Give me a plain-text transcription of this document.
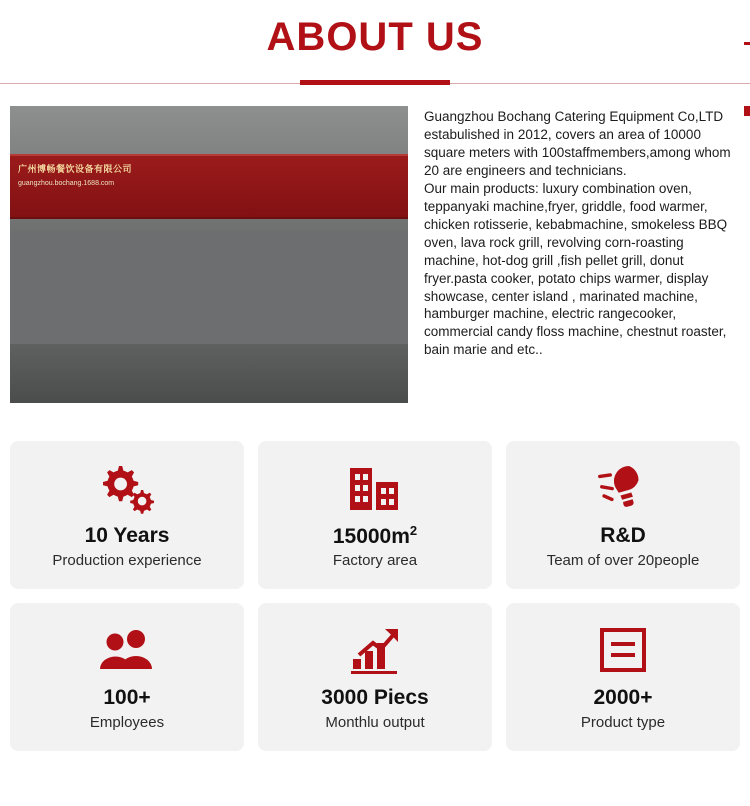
ABOUT US
广州博畅餐饮设备有限公司
guangzhou.bochang.1688.com

Guangzhou Bochang Catering Equipment Co,LTD estabulished in 2012, covers an area of 10000 square meters with 100staffmembers,among whom 20 are engineers and technicians.

Our main products: luxury combination oven, teppanyaki machine,fryer, griddle, food warmer, chicken rotisserie, kebabmachine, smokeless BBQ oven, lava rock grill, revolving corn-roasting machine, hot-dog grill ,fish pellet grill, donut fryer.pasta cooker, potato chips warmer, display showcase, center island , marinated machine, hamburger machine, electric rangecooker, commercial candy floss machine, chestnut roaster, bain marie and etc..

10 Years
Production experience
$15000m^2$
Factory area
R&D
Team of over 20people
100+
Employees
3000 Piecs
Monthlu output
2000+
Product type
